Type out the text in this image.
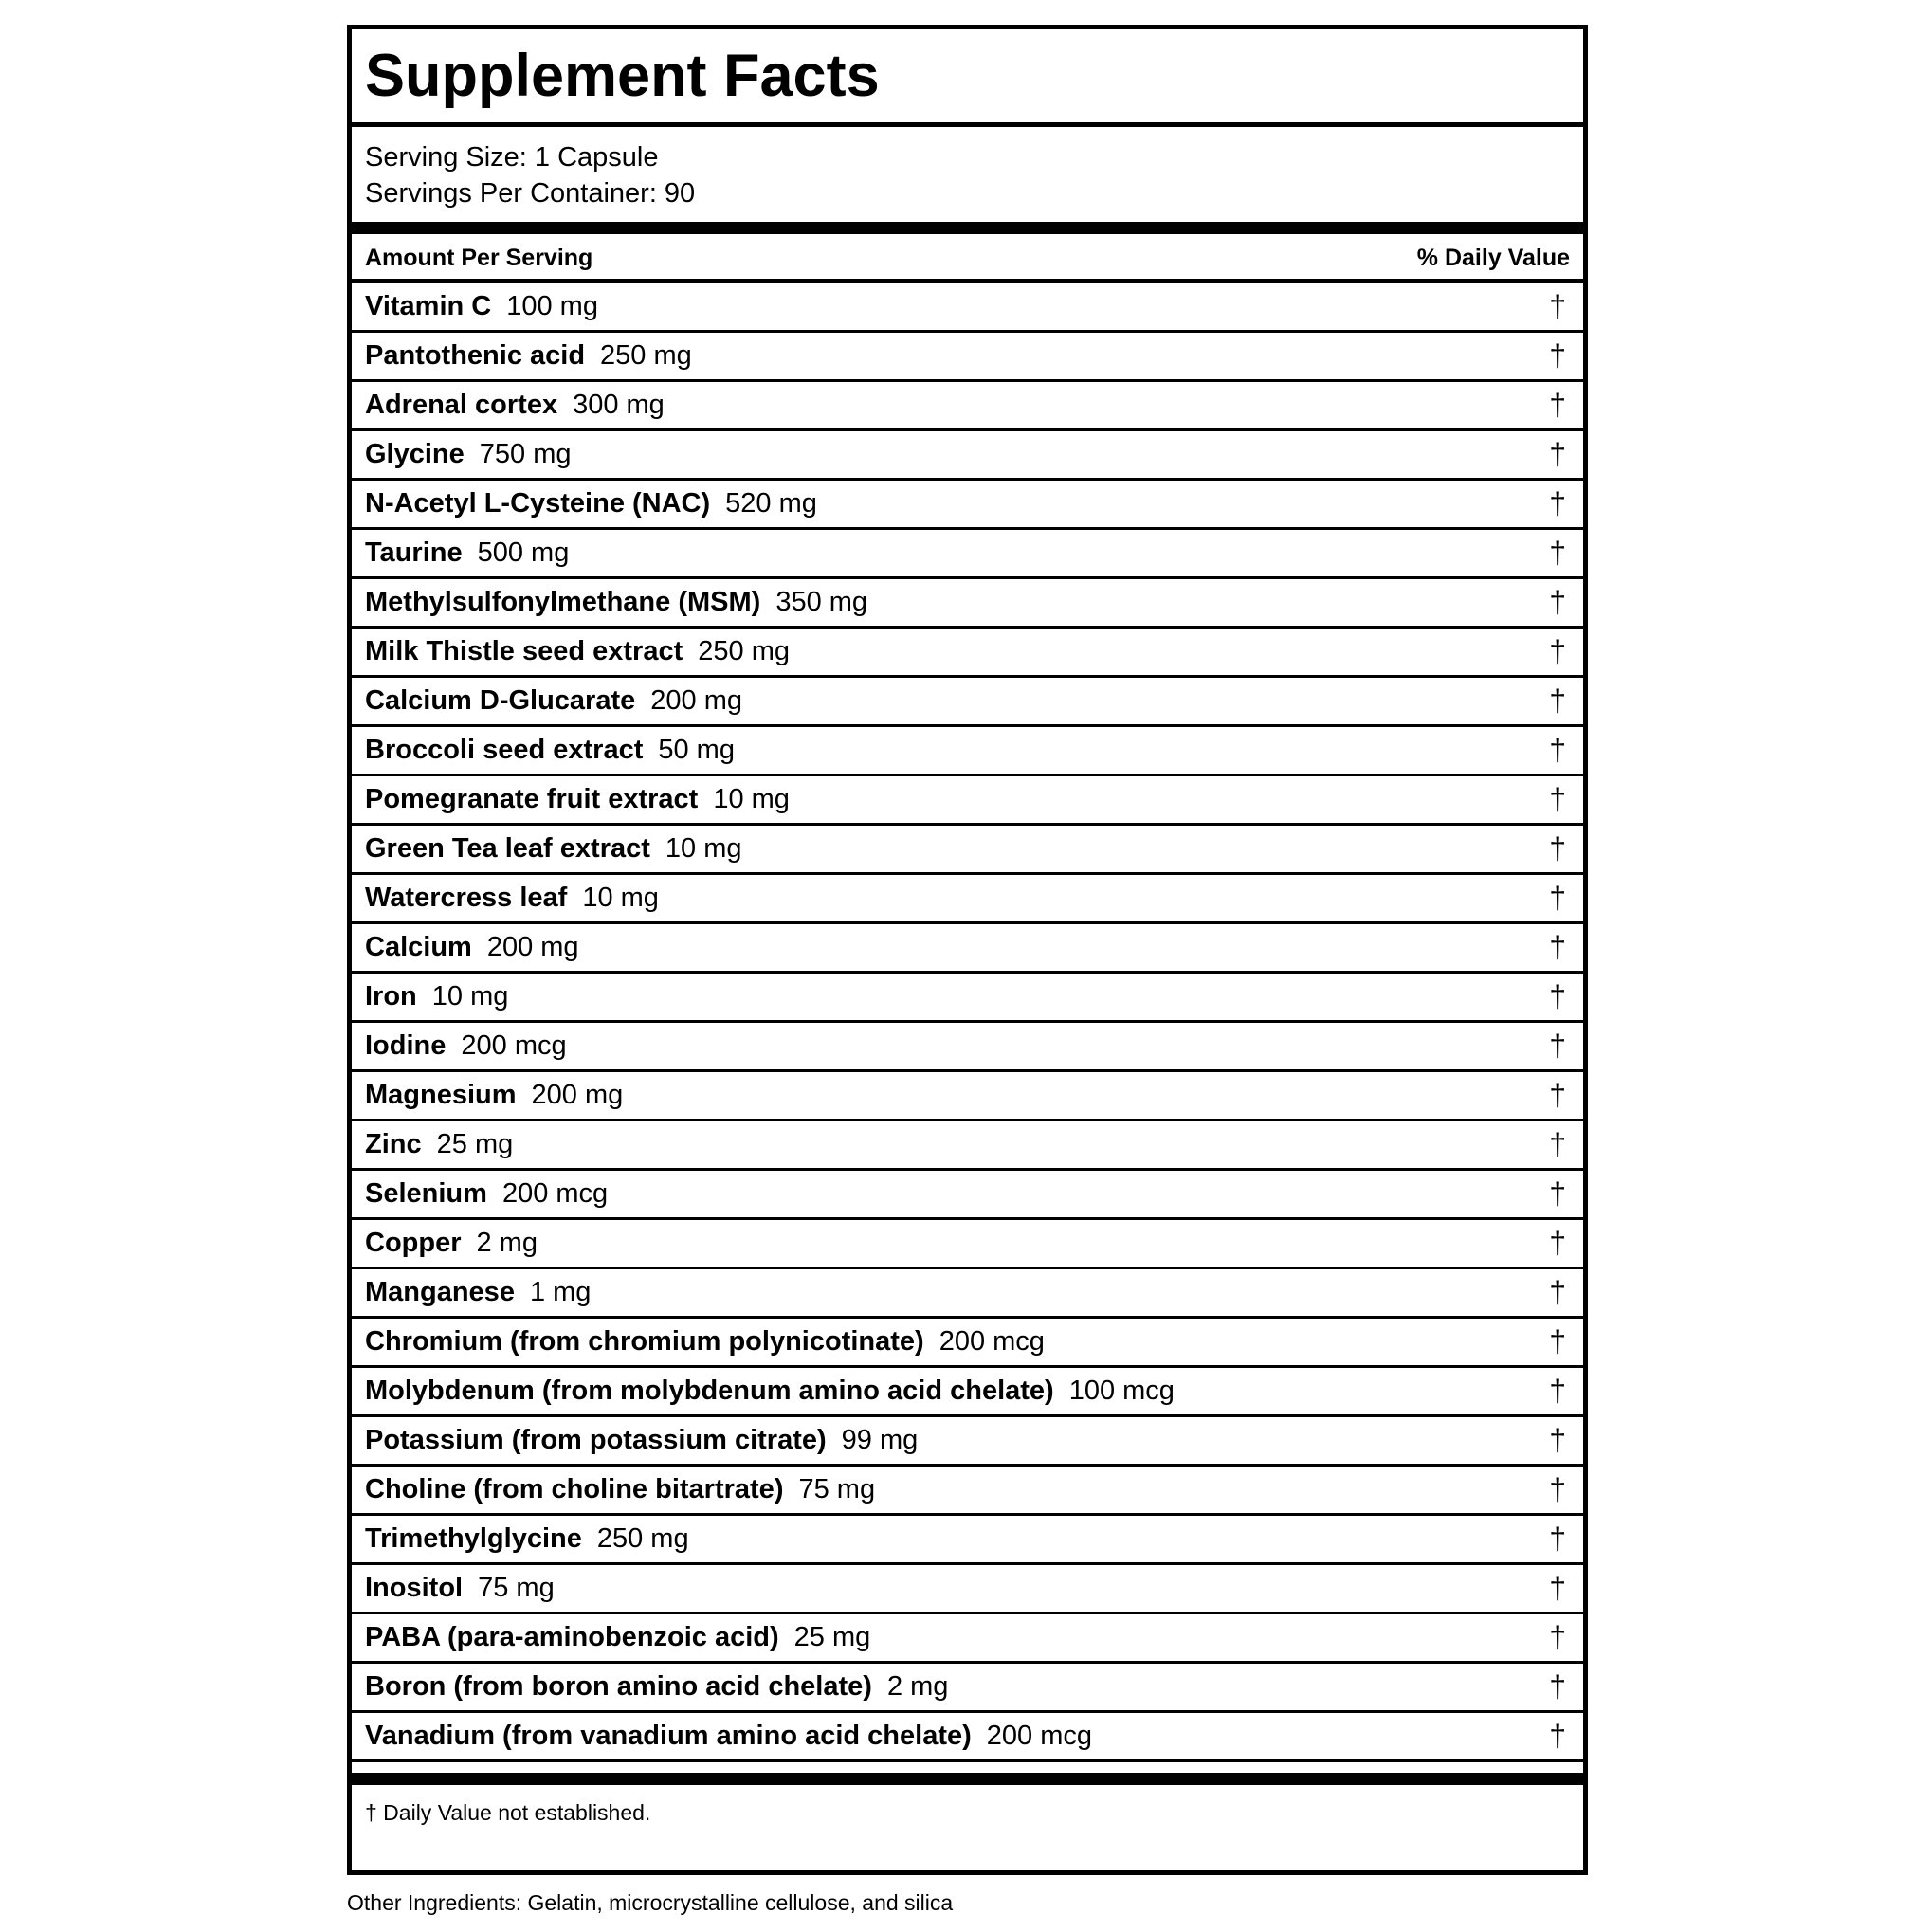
Supplement Facts
Serving Size: 1 Capsule
Servings Per Container: 90
Amount Per Serving	% Daily Value
Vitamin C 100 mg	†
Pantothenic acid 250 mg	†
Adrenal cortex 300 mg	†
Glycine 750 mg	†
N-Acetyl L-Cysteine (NAC) 520 mg	†
Taurine 500 mg	†
Methylsulfonylmethane (MSM) 350 mg	†
Milk Thistle seed extract 250 mg	†
Calcium D-Glucarate 200 mg	†
Broccoli seed extract 50 mg	†
Pomegranate fruit extract 10 mg	†
Green Tea leaf extract 10 mg	†
Watercress leaf 10 mg	†
Calcium 200 mg	†
Iron 10 mg	†
Iodine 200 mcg	†
Magnesium 200 mg	†
Zinc 25 mg	†
Selenium 200 mcg	†
Copper 2 mg	†
Manganese 1 mg	†
Chromium (from chromium polynicotinate) 200 mcg	†
Molybdenum (from molybdenum amino acid chelate) 100 mcg	†
Potassium (from potassium citrate) 99 mg	†
Choline (from choline bitartrate) 75 mg	†
Trimethylglycine 250 mg	†
Inositol 75 mg	†
PABA (para-aminobenzoic acid) 25 mg	†
Boron (from boron amino acid chelate) 2 mg	†
Vanadium (from vanadium amino acid chelate) 200 mcg	†
† Daily Value not established.
Other Ingredients: Gelatin, microcrystalline cellulose, and silica
